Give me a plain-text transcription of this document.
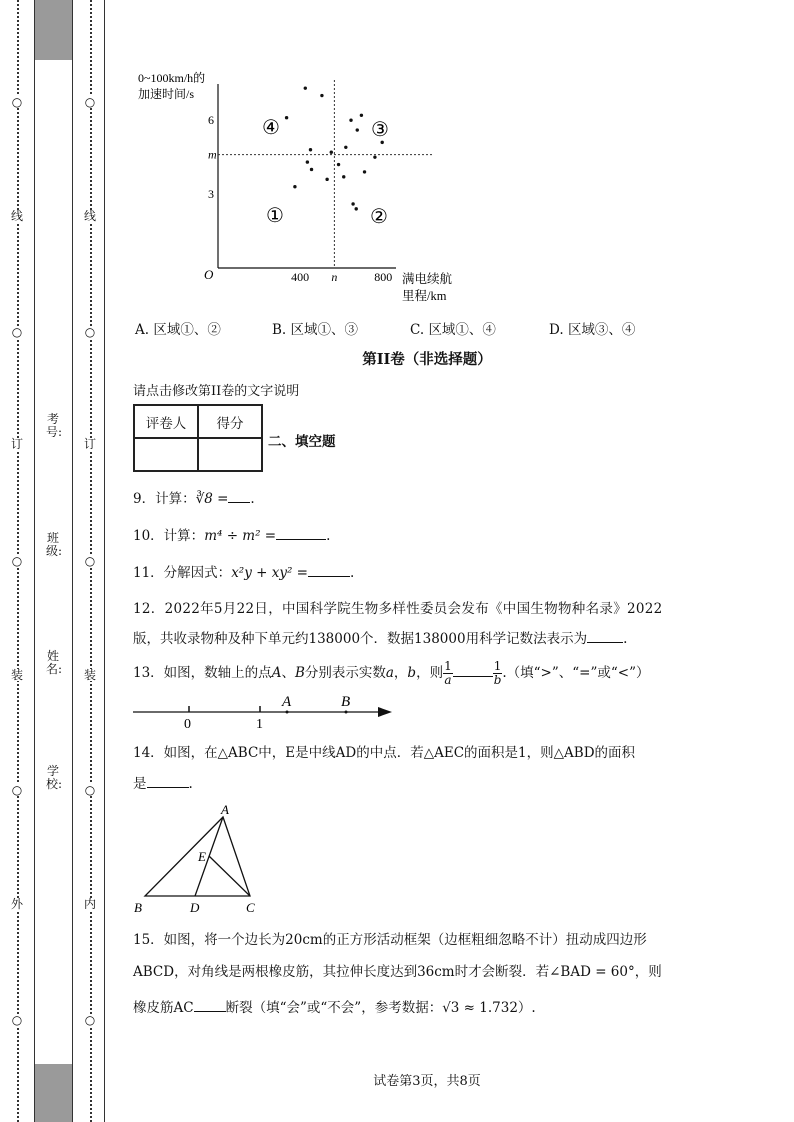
○
线
○
订
○
装
○
外
○
○
线
○
订
○
装
○
内
○
考号:
班级:
姓名:
学校:
0~100km/h的
加速时间/s
O
6
m
3
400 n	800
④	③
①	②
满电续航
里程/km
A. 区域①、②	B. 区域①、③	C. 区域①、④	D. 区域③、④
第II卷（非选择题）
请点击修改第II卷的文字说明
评卷人	得分

二、填空题
9．计算：∛8 = .
10．计算：m⁴ ÷ m² =	.
11．分解因式：x²y + xy² =	.
12．2022年5月22日，中国科学院生物多样性委员会发布《中国生物物种名录》2022
版，共收录物种及种下单元约138000个．数据138000用科学记数法表示为	.
13．如图，数轴上的点A、B分别表示实数a，b，则 $\frac{1}{a}$	$\frac{1}{b}$ .（填“>”、“=”或“<”）
0	1
A	B
14．如图，在△ABC中，E是中线AD的中点．若△AEC的面积是1，则△ABD的面积
是	.
A
E
B	D	C
15．如图，将一个边长为20cm的正方形活动框架（边框粗细忽略不计）扭动成四边形
ABCD，对角线是两根橡皮筋，其拉伸长度达到36cm时才会断裂．若∠BAD = 60°，则
橡皮筋AC 断裂（填“会”或“不会”，参考数据：√3 ≈ 1.732）.
试卷第3页，共8页
